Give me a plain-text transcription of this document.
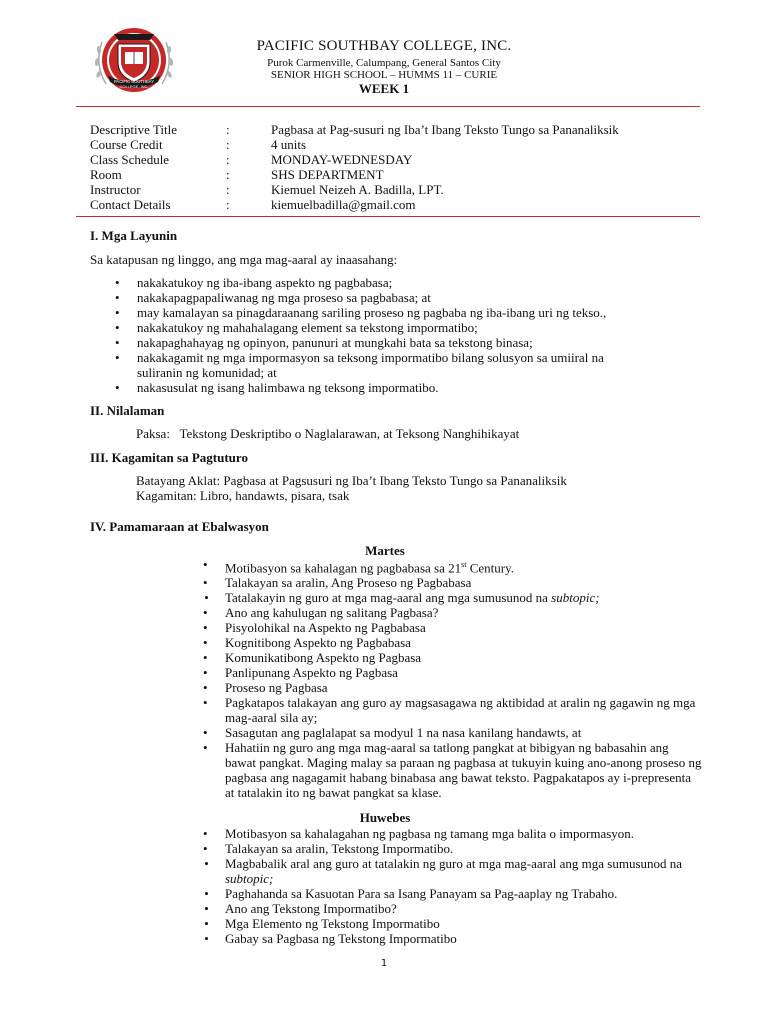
PACIFIC SOUTHBAY
COLLEGE, INC.
PACIFIC SOUTHBAY COLLEGE, INC.
Purok Carmenville, Calumpang, General Santos City
SENIOR HIGH SCHOOL – HUMMS 11 – CURIE
WEEK 1
Descriptive Title	:	Pagbasa at Pag-susuri ng Iba’t Ibang Teksto Tungo sa Pananaliksik
Course Credit	:	4 units
Class Schedule	:	MONDAY-WEDNESDAY
Room	:	SHS DEPARTMENT
Instructor	:	Kiemuel Neizeh A. Badilla, LPT.
Contact Details	:	kiemuelbadilla@gmail.com
I. Mga Layunin
Sa katapusan ng linggo, ang mga mag-aaral ay inaasahang:
• nakakatukoy ng iba-ibang aspekto ng pagbabasa;
• nakakapagpapaliwanag ng mga proseso sa pagbabasa; at
• may kamalayan sa pinagdaraanang sariling proseso ng pagbaba ng iba-ibang uri ng tekso.,
• nakakatukoy ng mahahalagang element sa tekstong impormatibo;
• nakapaghahayag ng opinyon, panunuri at mungkahi bata sa tekstong binasa;
• nakakagamit ng mga impormasyon sa teksong impormatibo bilang solusyon sa umiiral na suliranin ng komunidad; at
• nakasusulat ng isang halimbawa ng teksong impormatibo.
II. Nilalaman
Paksa:   Tekstong Deskriptibo o Naglalarawan, at Teksong Nanghihikayat
III. Kagamitan sa Pagtuturo
Batayang Aklat: Pagbasa at Pagsusuri ng Iba’t Ibang Teksto Tungo sa Pananaliksik
Kagamitan: Libro, handawts, pisara, tsak
IV. Pamamaraan at Ebalwasyon
Martes
• Motibasyon sa kahalagan ng pagbabasa sa 21st Century.
• Talakayan sa aralin, Ang Proseso ng Pagbabasa
• Tatalakayin ng guro at mga mag-aaral ang mga sumusunod na subtopic;
• Ano ang kahulugan ng salitang Pagbasa?
• Pisyolohikal na Aspekto ng Pagbabasa
• Kognitibong Aspekto ng Pagbabasa
• Komunikatibong Aspekto ng Pagbasa
• Panlipunang Aspekto ng Pagbasa
• Proseso ng Pagbasa
• Pagkatapos talakayan ang guro ay magsasagawa ng aktibidad at aralin ng gagawin ng mga mag-aaral sila ay;
• Sasagutan ang paglalapat sa modyul 1 na nasa kanilang handawts, at
• Hahatiin ng guro ang mga mag-aaral sa tatlong pangkat at bibigyan ng babasahin ang bawat pangkat. Maging malay sa paraan ng pagbasa at tukuyin kuing ano-anong proseso ng pagbasa ang nagagamit habang binabasa ang bawat teksto. Pagpakatapos ay i-prepresenta at tatalakin ito ng bawat pangkat sa klase.
Huwebes
• Motibasyon sa kahalagahan ng pagbasa ng tamang mga balita o impormasyon.
• Talakayan sa aralin, Tekstong Impormatibo.
• Magbabalik aral ang guro at tatalakin ng guro at mga mag-aaral ang mga sumusunod na subtopic;
• Paghahanda sa Kasuotan Para sa Isang Panayam sa Pag-aaplay ng Trabaho.
• Ano ang Tekstong Impormatibo?
• Mga Elemento ng Tekstong Impormatibo
• Gabay sa Pagbasa ng Tekstong Impormatibo
1
